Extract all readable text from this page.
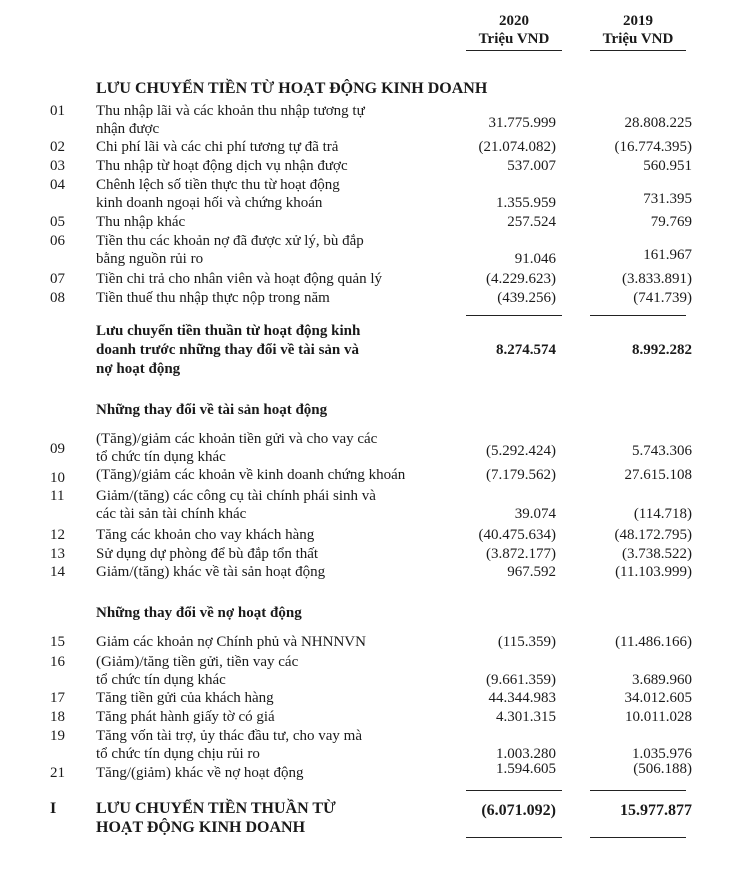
2020
Triệu VND
2019
Triệu VND
LƯU CHUYỂN TIỀN TỪ HOẠT ĐỘNG KINH DOANH
01	Thu nhập lãi và các khoản thu nhập tương tự
nhận được	31.775.999	28.808.225
02	Chi phí lãi và các chi phí tương tự đã trả	(21.074.082)	(16.774.395)
03	Thu nhập từ hoạt động dịch vụ nhận được	537.007	560.951
04	Chênh lệch số tiền thực thu từ hoạt động
kinh doanh ngoại hối và chứng khoán	1.355.959	731.395
05	Thu nhập khác	257.524	79.769
06	Tiền thu các khoản nợ đã được xử lý, bù đắp
bằng nguồn rủi ro	91.046	161.967
07	Tiền chi trả cho nhân viên và hoạt động quản lý	(4.229.623)	(3.833.891)
08	Tiền thuế thu nhập thực nộp trong năm	(439.256)	(741.739)
Lưu chuyển tiền thuần từ hoạt động kinh
doanh trước những thay đổi về tài sản và	8.274.574	8.992.282
nợ hoạt động
Những thay đổi về tài sản hoạt động
09
(Tăng)/giảm các khoản tiền gửi và cho vay các
tổ chức tín dụng khác	(5.292.424)	5.743.306
10	(Tăng)/giảm các khoản về kinh doanh chứng khoán	(7.179.562)	27.615.108
11	Giảm/(tăng) các công cụ tài chính phái sinh và
các tài sản tài chính khác	39.074	(114.718)
12	Tăng các khoản cho vay khách hàng	(40.475.634)	(48.172.795)
13	Sử dụng dự phòng để bù đắp tổn thất	(3.872.177)	(3.738.522)
14	Giảm/(tăng) khác về tài sản hoạt động	967.592	(11.103.999)
Những thay đổi về nợ hoạt động
15	Giảm các khoản nợ Chính phủ và NHNNVN	(115.359)	(11.486.166)
16	(Giảm)/tăng tiền gửi, tiền vay các
tổ chức tín dụng khác	(9.661.359)	3.689.960
17	Tăng tiền gửi của khách hàng	44.344.983	34.012.605
18	Tăng phát hành giấy tờ có giá	4.301.315	10.011.028
19	Tăng vốn tài trợ, ủy thác đầu tư, cho vay mà
tổ chức tín dụng chịu rủi ro	1.003.280	1.035.976
21	Tăng/(giảm) khác về nợ hoạt động	1.594.605	(506.188)
I	LƯU CHUYỂN TIỀN THUẦN TỪ	(6.071.092)	15.977.877
HOẠT ĐỘNG KINH DOANH
